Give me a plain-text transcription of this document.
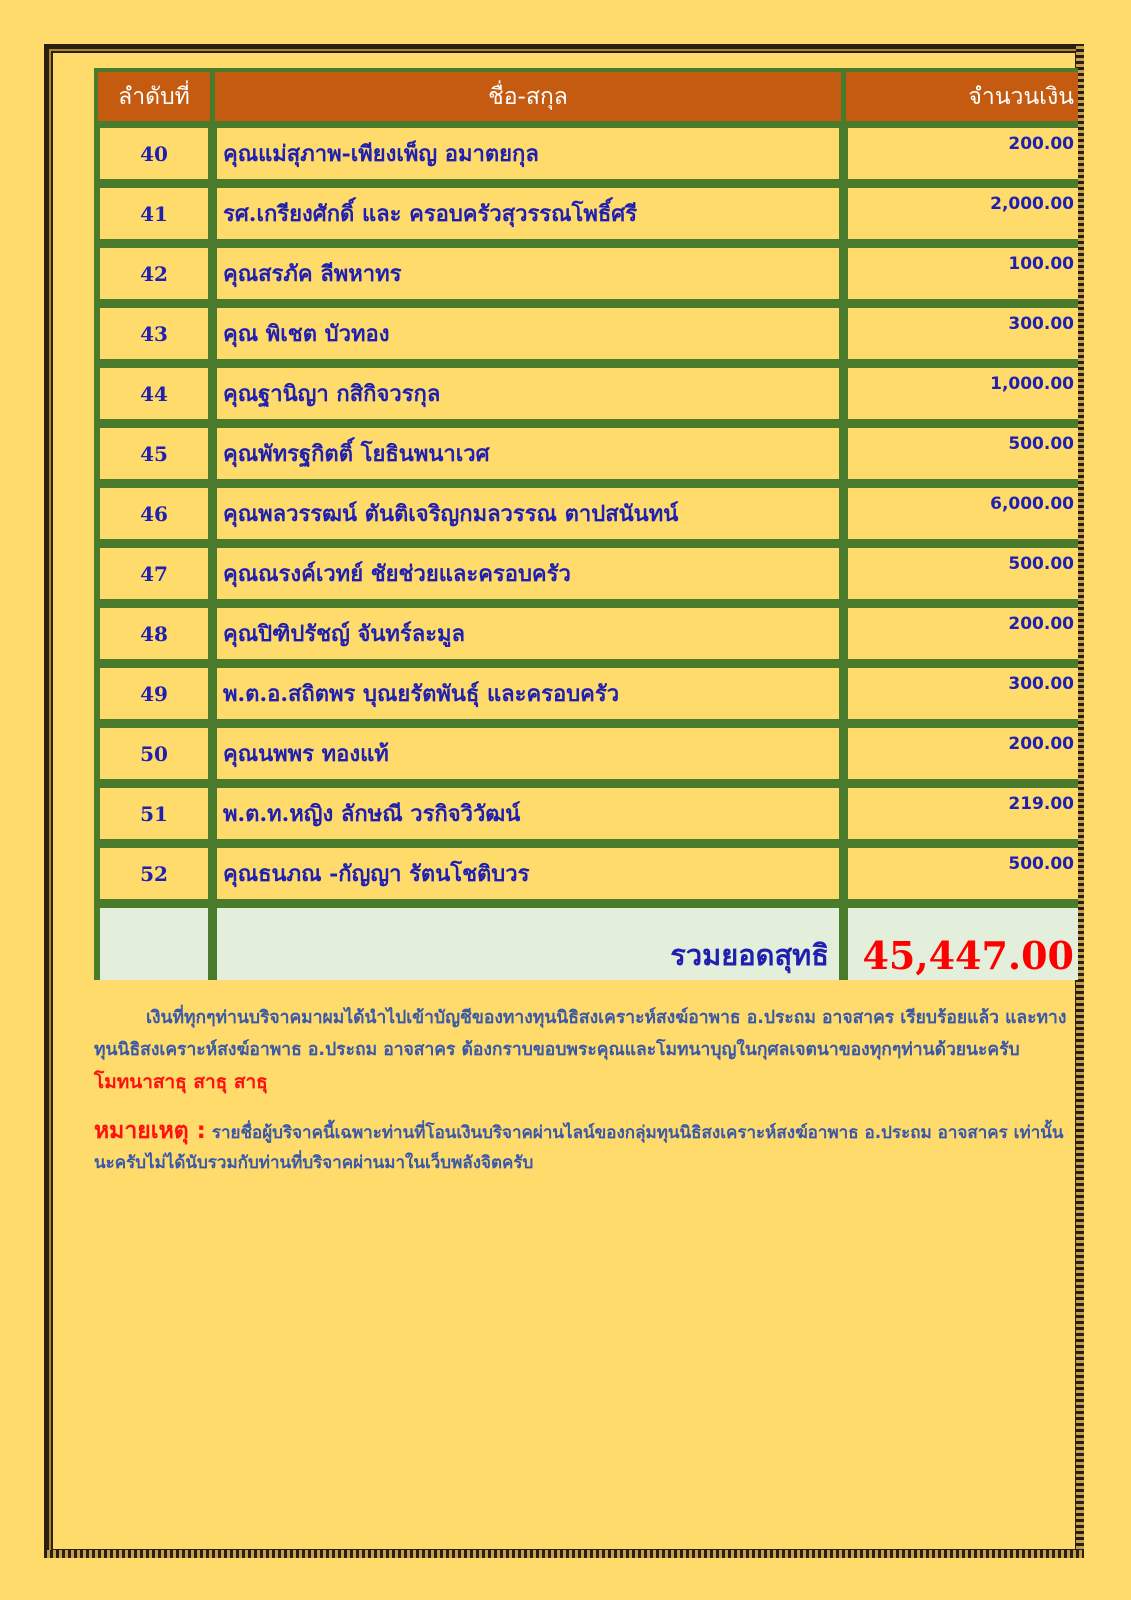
ลำดับที่	ชื่อ-สกุล	จำนวนเงิน
40	คุณแม่สุภาพ-เพียงเพ็ญ อมาตยกุล	200.00
41	รศ.เกรียงศักดิ์ และ ครอบครัวสุวรรณโพธิ์ศรี	2,000.00
42	คุณสรภัค ลีพหาทร	100.00
43	คุณ พิเชต บัวทอง	300.00
44	คุณฐานิญา กสิกิจวรกุล	1,000.00
45	คุณพัทรฐกิตติ์ โยธินพนาเวศ	500.00
46	คุณพลวรรฒน์ ตันติเจริญกมลวรรณ ตาปสนันทน์	6,000.00
47	คุณณรงค์เวทย์ ชัยช่วยและครอบครัว	500.00
48	คุณปิฑิปรัชญ์ จันทร์ละมูล	200.00
49	พ.ต.อ.สถิตพร บุณยรัตพันธุ์ และครอบครัว	300.00
50	คุณนพพร ทองแท้	200.00
51	พ.ต.ท.หญิง ลักษณี วรกิจวิวัฒน์	219.00
52	คุณธนภณ -กัญญา รัตนโชติบวร	500.00
	รวมยอดสุทธิ	45,447.00
เงินที่ทุกๆท่านบริจาคมาผมได้นำไปเข้าบัญชีของทางทุนนิธิสงเคราะห์สงฆ์อาพาธ อ.ประถม อาจสาคร เรียบร้อยแล้ว และทางทุนนิธิสงเคราะห์สงฆ์อาพาธ อ.ประถม อาจสาคร ต้องกราบขอบพระคุณและโมทนาบุญในกุศลเจตนาของทุกๆท่านด้วยนะครับ โมทนาสาธุ สาธุ สาธุ
หมายเหตุ : รายชื่อผู้บริจาคนี้เฉพาะท่านที่โอนเงินบริจาคผ่านไลน์ของกลุ่มทุนนิธิสงเคราะห์สงฆ์อาพาธ อ.ประถม อาจสาคร เท่านั้นนะครับไม่ได้นับรวมกับท่านที่บริจาคผ่านมาในเว็บพลังจิตครับ
